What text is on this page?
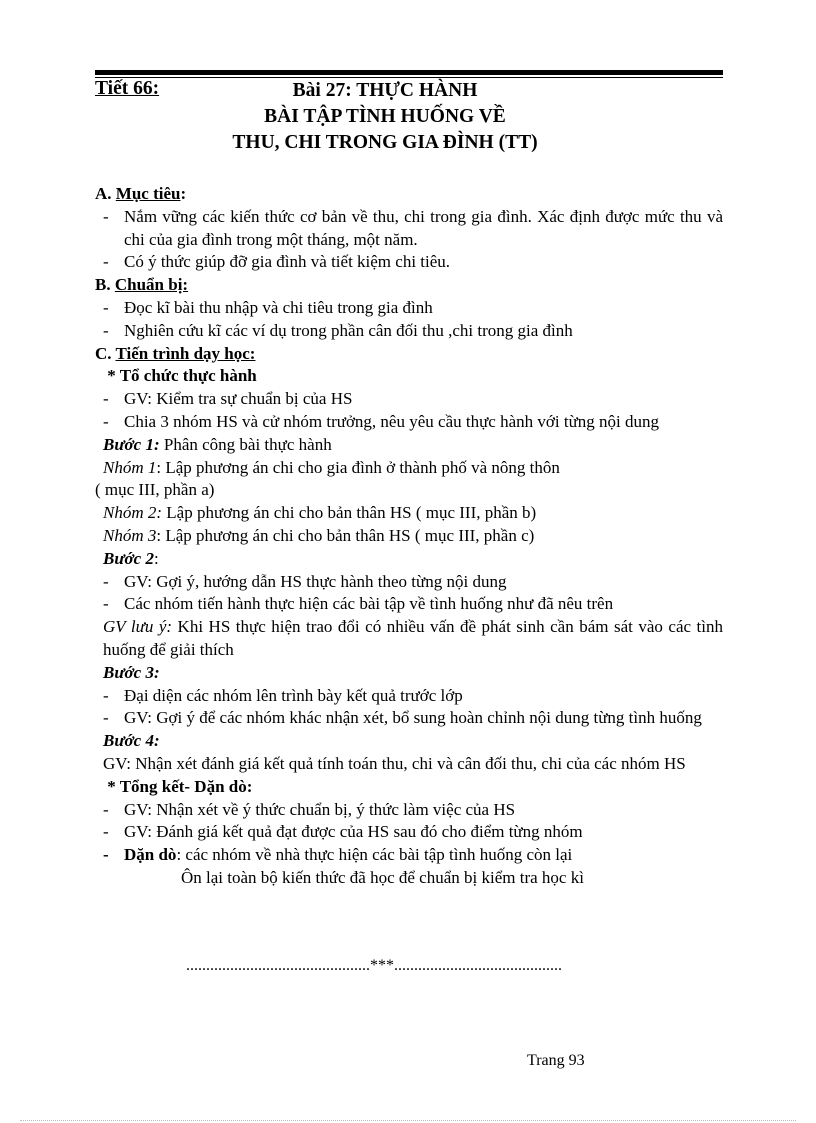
Tiết 66:	Bài 27: THỰC HÀNH
BÀI TẬP TÌNH HUỐNG VỀ
THU, CHI TRONG GIA ĐÌNH (TT)
A. Mục tiêu:
- Nắm vững các kiến thức cơ bản về thu, chi trong gia đình. Xác định được mức thu và chi của gia đình trong một tháng, một năm.
- Có ý thức giúp đỡ gia đình và tiết kiệm chi tiêu.
B. Chuẩn bị:
- Đọc kĩ bài thu nhập và chi tiêu trong gia đình
- Nghiên cứu kĩ các ví dụ trong phần cân đối thu ,chi trong gia đình
C. Tiến trình dạy học:
* Tổ chức thực hành
- GV: Kiểm tra sự chuẩn bị của HS
- Chia 3 nhóm HS và cử nhóm trưởng, nêu yêu cầu thực hành với từng nội dung
Bước 1: Phân công bài thực hành
Nhóm 1: Lập phương án chi cho gia đình ở thành phố và nông thôn
( mục III, phần a)
Nhóm 2: Lập phương án chi cho bản thân HS ( mục III, phần b)
Nhóm 3: Lập phương án chi cho bản thân HS ( mục III, phần c)
Bước 2:
- GV: Gợi ý, hướng dẫn HS thực hành theo từng nội dung
- Các nhóm tiến hành thực hiện các bài tập về tình huống như đã nêu trên
GV lưu ý: Khi HS thực hiện trao đổi có nhiều vấn đề phát sinh cần bám sát vào các tình huống để giải thích
Bước 3:
- Đại diện các nhóm lên trình bày kết quả trước lớp
- GV: Gợi ý để các nhóm khác nhận xét, bổ sung hoàn chỉnh nội dung từng tình huống
Bước 4:
GV: Nhận xét đánh giá kết quả tính toán thu, chi và cân đối thu, chi của các nhóm HS
* Tổng kết- Dặn dò:
- GV: Nhận xét về ý thức chuẩn bị, ý thức làm việc của HS
- GV: Đánh giá kết quả đạt được của HS sau đó cho điểm từng nhóm
- Dặn dò: các nhóm về nhà thực hiện các bài tập tình huống còn lại
Ôn lại toàn bộ kiến thức đã học để chuẩn bị kiểm tra học kì
..............................................***..........................................
Trang 93
